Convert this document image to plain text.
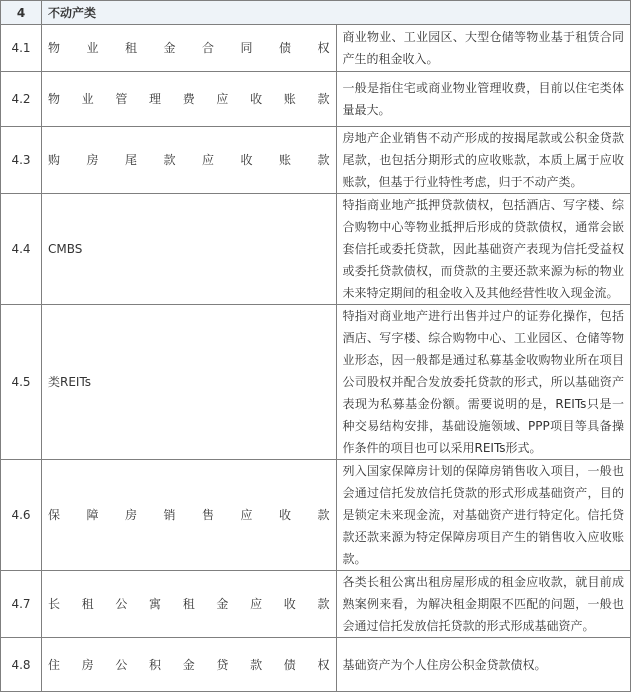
4	不动产类	
4.1	物业租金合同债权	商业物业、工业园区、大型仓储等物业基于租赁合同产生的租金收入。
4.2	物业管理费应收账款	一般是指住宅或商业物业管理收费，目前以住宅类体量最大。
4.3	购房尾款应收账款	房地产企业销售不动产形成的按揭尾款或公积金贷款尾款，也包括分期形式的应收账款，本质上属于应收账款，但基于行业特性考虑，归于不动产类。
4.4	CMBS	特指商业地产抵押贷款债权，包括酒店、写字楼、综合购物中心等物业抵押后形成的贷款债权，通常会嵌套信托或委托贷款，因此基础资产表现为信托受益权或委托贷款债权，而贷款的主要还款来源为标的物业未来特定期间的租金收入及其他经营性收入现金流。
4.5	类REITs	特指对商业地产进行出售并过户的证券化操作，包括酒店、写字楼、综合购物中心、工业园区、仓储等物业形态，因一般都是通过私募基金收购物业所在项目公司股权并配合发放委托贷款的形式，所以基础资产表现为私募基金份额。需要说明的是，REITs只是一种交易结构安排，基础设施领域、PPP项目等具备操作条件的项目也可以采用REITs形式。
4.6	保障房销售应收款	列入国家保障房计划的保障房销售收入项目，一般也会通过信托发放信托贷款的形式形成基础资产，目的是锁定未来现金流，对基础资产进行特定化。信托贷款还款来源为特定保障房项目产生的销售收入应收账款。
4.7	长租公寓租金应收款	各类长租公寓出租房屋形成的租金应收款，就目前成熟案例来看，为解决租金期限不匹配的问题，一般也会通过信托发放信托贷款的形式形成基础资产。
4.8	住房公积金贷款债权	基础资产为个人住房公积金贷款债权。
